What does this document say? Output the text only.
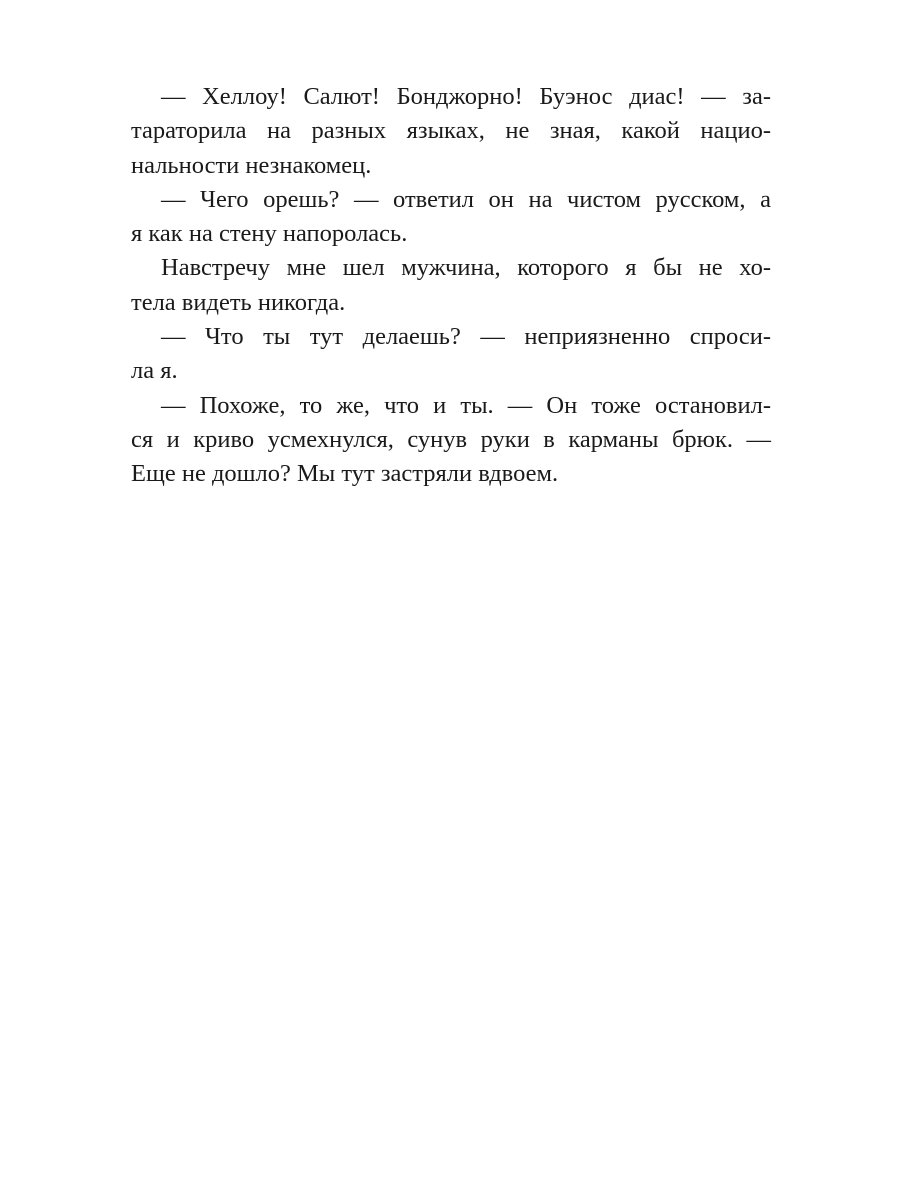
— Хеллоу! Салют! Бонджорно! Буэнос диас! — за-
тараторила на разных языках, не зная, какой нацио-
нальности незнакомец.
— Чего орешь? — ответил он на чистом русском, а
я как на стену напоролась.
Навстречу мне шел мужчина, которого я бы не хо-
тела видеть никогда.
— Что ты тут делаешь? — неприязненно спроси-
ла я.
— Похоже, то же, что и ты. — Он тоже остановил-
ся и криво усмехнулся, сунув руки в карманы брюк. —
Еще не дошло? Мы тут застряли вдвоем.
